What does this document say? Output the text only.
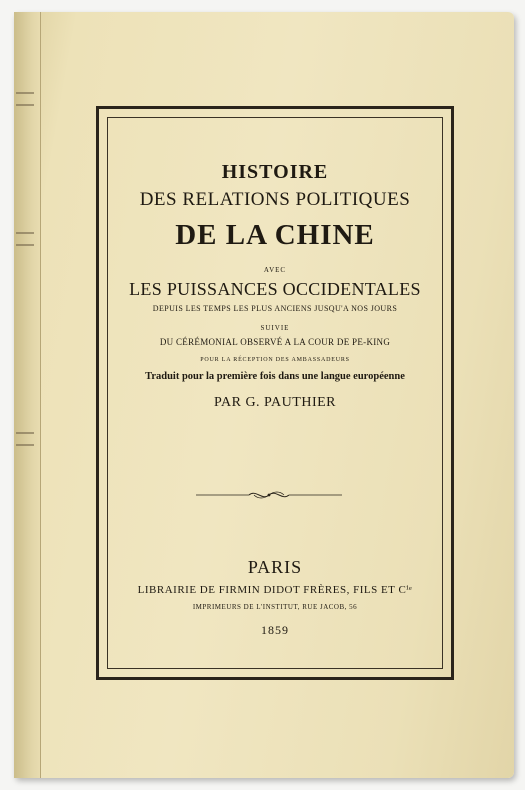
HISTOIRE
DES RELATIONS POLITIQUES
DE LA CHINE
AVEC
LES PUISSANCES OCCIDENTALES
DEPUIS LES TEMPS LES PLUS ANCIENS JUSQU'A NOS JOURS
SUIVIE
DU CÉRÉMONIAL OBSERVÉ A LA COUR DE PE-KING
POUR LA RÉCEPTION DES AMBASSADEURS
Traduit pour la première fois dans une langue européenne
PAR G. PAUTHIER
PARIS
LIBRAIRIE DE FIRMIN DIDOT FRÈRES, FILS ET Cⁱᵉ
IMPRIMEURS DE L'INSTITUT, RUE JACOB, 56
1859
